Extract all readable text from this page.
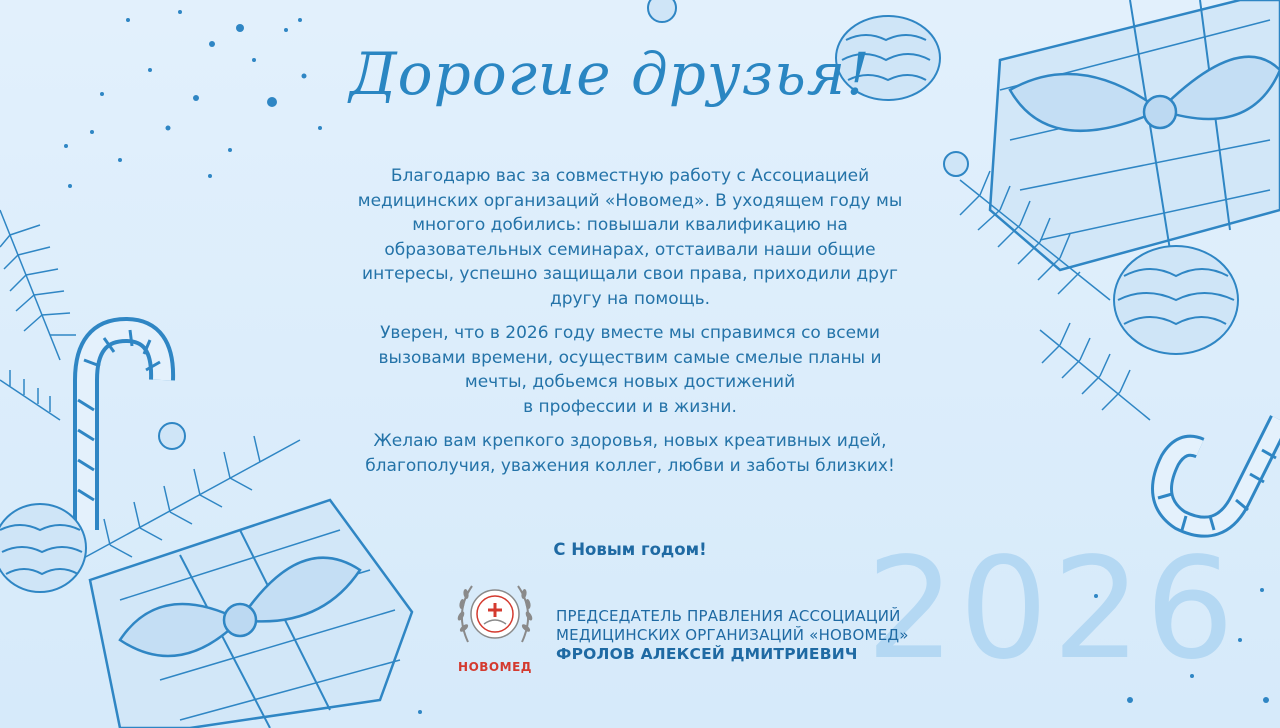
Дорогие друзья!

Благодарю вас за совместную работу с Ассоциацией
медицинских организаций «Новомед». В уходящем году мы
многого добились: повышали квалификацию на
образовательных семинарах, отстаивали наши общие
интересы, успешно защищали свои права, приходили друг
другу на помощь.

Уверен, что в 2026 году вместе мы справимся со всеми
вызовами времени, осуществим самые смелые планы и
мечты, добьемся новых достижений
в профессии и в жизни.

Желаю вам крепкого здоровья, новых креативных идей,
благополучия, уважения коллег, любви и заботы близких!

С Новым годом!	2026
НОВОМЕД
ПРЕДСЕДАТЕЛЬ ПРАВЛЕНИЯ АССОЦИАЦИЙ
МЕДИЦИНСКИХ ОРГАНИЗАЦИЙ «НОВОМЕД»
ФРОЛОВ АЛЕКСЕЙ ДМИТРИЕВИЧ
